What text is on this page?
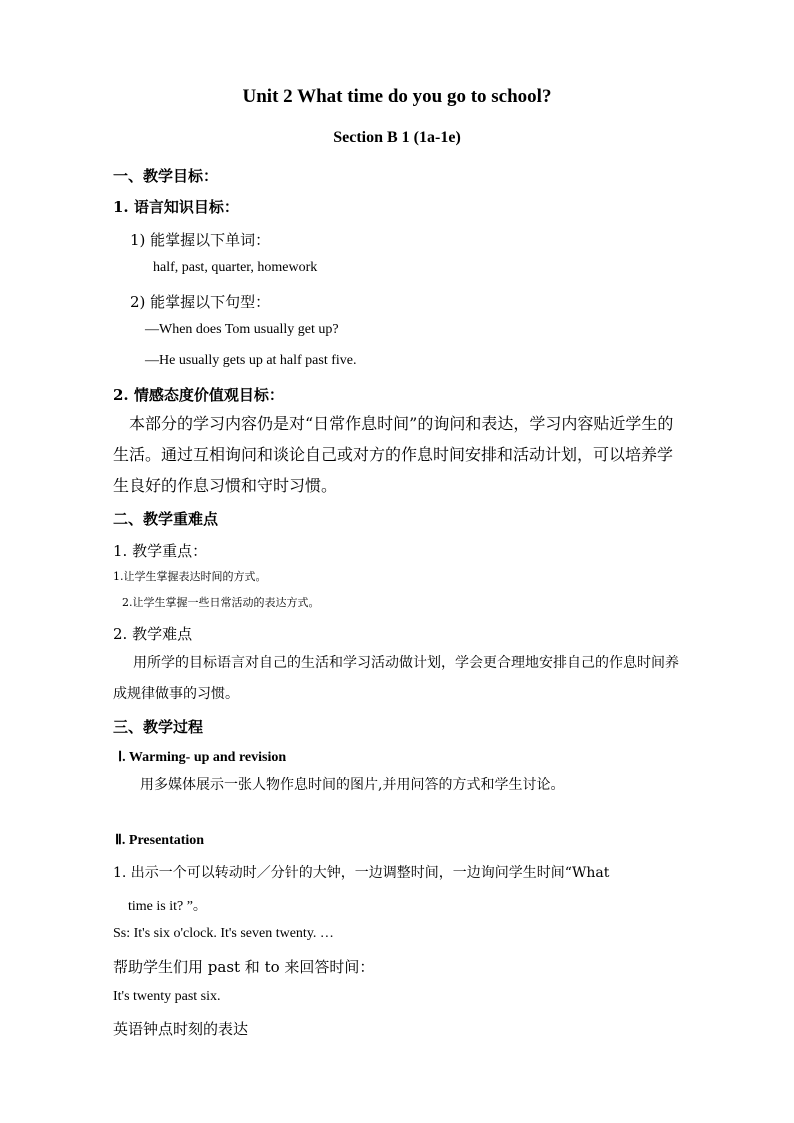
Unit 2 What time do you go to school?
Section B 1 (1a-1e)
一、教学目标：
1. 语言知识目标：
1) 能掌握以下单词：
half, past, quarter, homework
2) 能掌握以下句型：
—When does Tom usually get up?
—He usually gets up at half past five.
2. 情感态度价值观目标：
本部分的学习内容仍是对“日常作息时间”的询问和表达，学习内容贴近学生的生活。通过互相询问和谈论自己或对方的作息时间安排和活动计划，可以培养学生良好的作息习惯和守时习惯。
二、教学重难点
1. 教学重点：
1.让学生掌握表达时间的方式。
2.让学生掌握一些日常活动的表达方式。
2. 教学难点
用所学的目标语言对自己的生活和学习活动做计划，学会更合理地安排自己的作息时间养成规律做事的习惯。
三、教学过程
Ⅰ. Warming- up and revision
用多媒体展示一张人物作息时间的图片,并用问答的方式和学生讨论。
Ⅱ. Presentation
1. 出示一个可以转动时／分针的大钟，一边调整时间，一边询问学生时间“What
time is it? ”。
Ss: It's six o'clock. It's seven twenty. …
帮助学生们用 past 和 to 来回答时间：
It's twenty past six.
英语钟点时刻的表达
